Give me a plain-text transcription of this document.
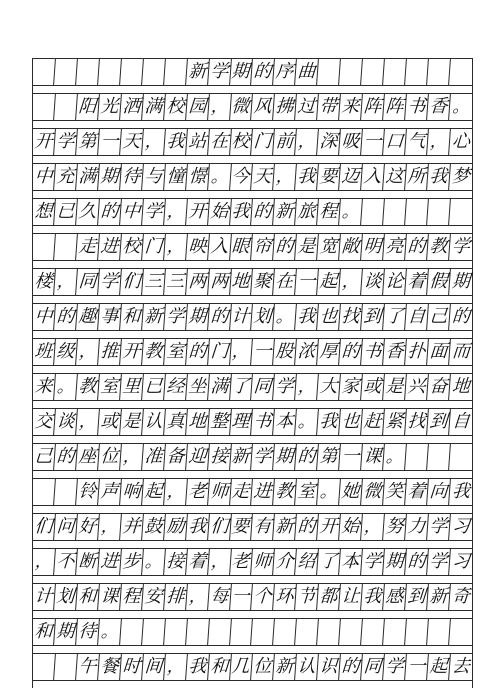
新 学 期 的 序 曲
阳 光 洒 满 校 园 ， 微 风 拂 过 带 来 阵 阵 书 香 。
开 学 第 一 天 ， 我 站 在 校 门 前 ， 深 吸 一 口 气 ， 心
中 充 满 期 待 与 憧 憬 。 今 天 ， 我 要 迈 入 这 所 我 梦
想 已 久 的 中 学 ， 开 始 我 的 新 旅 程 。
走 进 校 门 ， 映 入 眼 帘 的 是 宽 敞 明 亮 的 教 学
楼 ， 同 学 们 三 三 两 两 地 聚 在 一 起 ， 谈 论 着 假 期
中 的 趣 事 和 新 学 期 的 计 划 。 我 也 找 到 了 自 己 的
班 级 ， 推 开 教 室 的 门 ， 一 股 浓 厚 的 书 香 扑 面 而
来 。 教 室 里 已 经 坐 满 了 同 学 ， 大 家 或 是 兴 奋 地
交 谈 ， 或 是 认 真 地 整 理 书 本 。 我 也 赶 紧 找 到 自
己 的 座 位 ， 准 备 迎 接 新 学 期 的 第 一 课 。
铃 声 响 起 ， 老 师 走 进 教 室 。 她 微 笑 着 向 我
们 问 好 ， 并 鼓 励 我 们 要 有 新 的 开 始 ， 努 力 学 习
， 不 断 进 步 。 接 着 ， 老 师 介 绍 了 本 学 期 的 学 习
计 划 和 课 程 安 排 ， 每 一 个 环 节 都 让 我 感 到 新 奇
和 期 待 。
午 餐 时 间 ， 我 和 几 位 新 认 识 的 同 学 一 起 去
